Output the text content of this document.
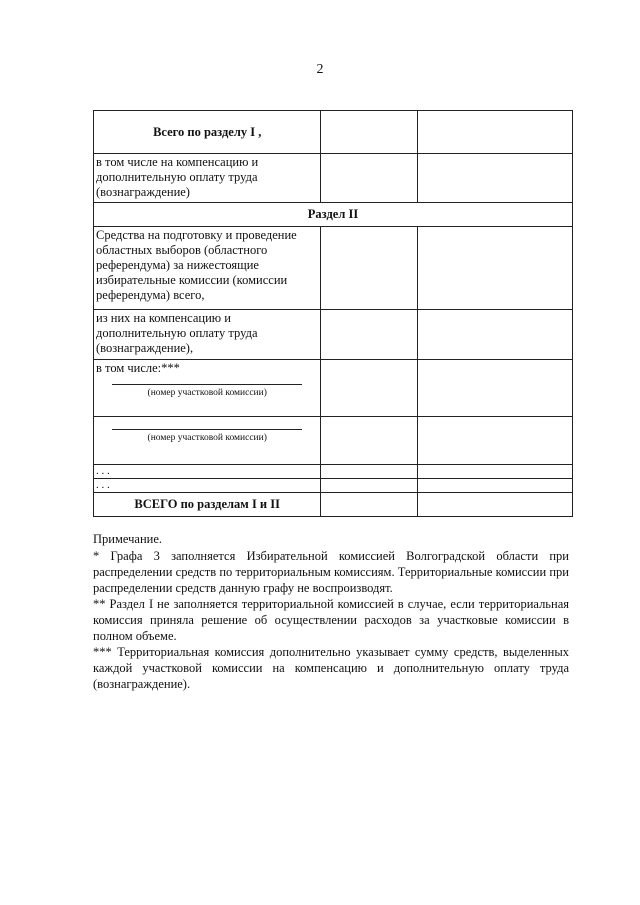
2
Всего по разделу I ,		
в том числе на компенсацию и дополнительную оплату труда (вознаграждение)		
Раздел II		
Средства на подготовку и проведение областных выборов (областного референдума) за нижестоящие избирательные комиссии (комиссии референдума) всего,		
из них на компенсацию и дополнительную оплату труда (вознаграждение),		
в том числе:***
(номер участковой комиссии)		

(номер участковой комиссии)		

. . .		
. . .		
ВСЕГО по разделам I и II		

Примечание.

* Графа 3 заполняется Избирательной комиссией Волгоградской области при распределении средств по территориальным комиссиям. Территориальные комиссии при распределении средств данную графу не воспроизводят.

** Раздел I не заполняется территориальной комиссией в случае, если территориальная комиссия приняла решение об осуществлении расходов за участковые комиссии в полном объеме.

*** Территориальная комиссия дополнительно указывает сумму средств, выделенных каждой участковой комиссии на компенсацию и дополнительную оплату труда (вознаграждение).
